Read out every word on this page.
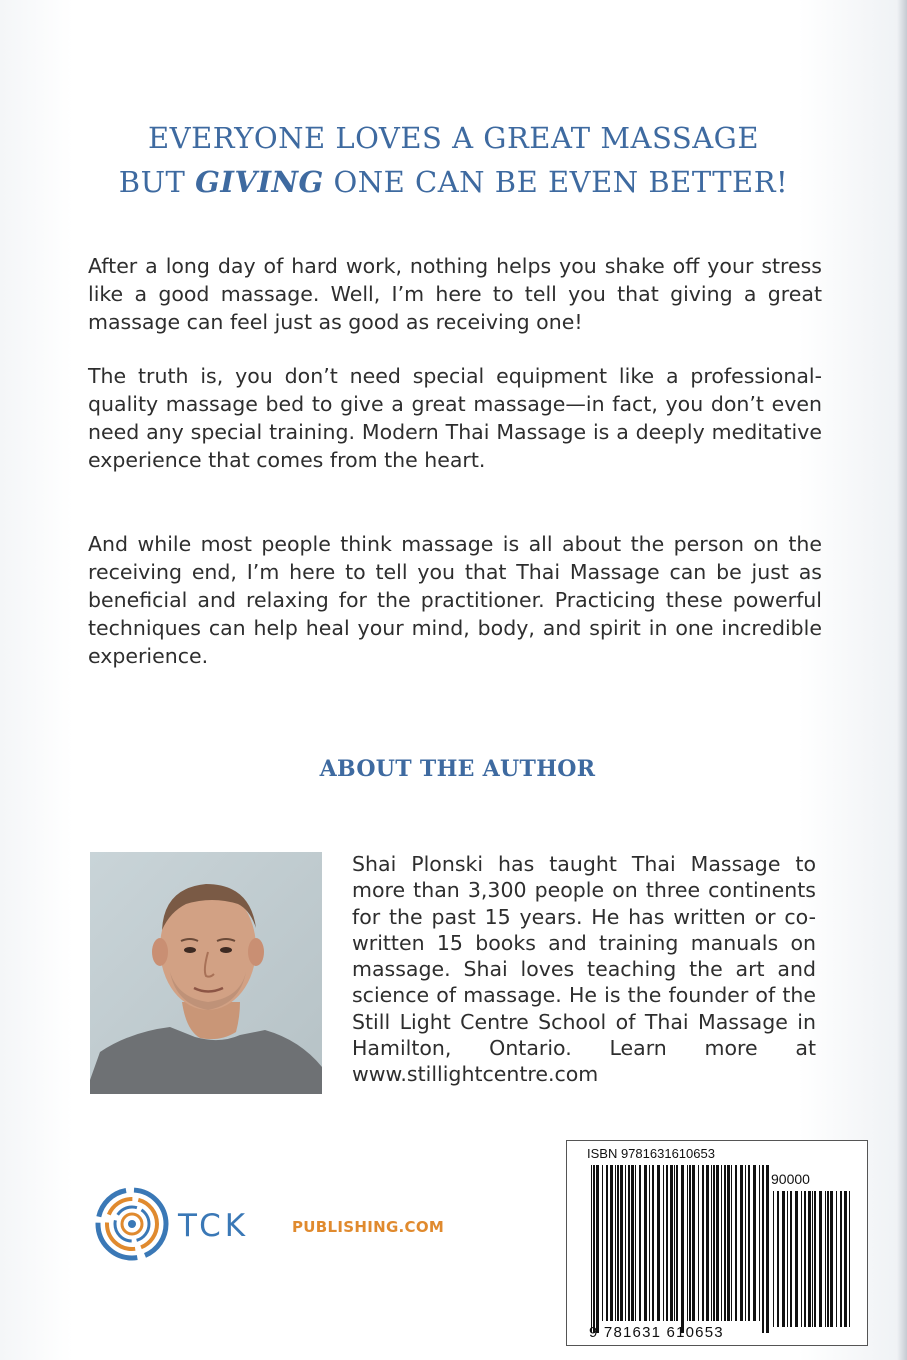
EVERYONE LOVES A GREAT MASSAGE
BUT GIVING ONE CAN BE EVEN BETTER!

After a long day of hard work, nothing helps you shake off your stress like a good massage. Well, I’m here to tell you that giving a great massage can feel just as good as receiving one!

The truth is, you don’t need special equipment like a professional-quality massage bed to give a great massage—in fact, you don’t even need any special training. Modern Thai Massage is a deeply meditative experience that comes from the heart.

And while most people think massage is all about the person on the receiving end, I’m here to tell you that Thai Massage can be just as beneficial and relaxing for the practitioner. Practicing these powerful techniques can help heal your mind, body, and spirit in one incredible experience.

ABOUT THE AUTHOR

Shai Plonski has taught Thai Massage to more than 3,300 people on three continents for the past 15 years. He has written or co-written 15 books and training manuals on massage. Shai loves teaching the art and science of massage. He is the founder of the Still Light Centre School of Thai Massage in Hamilton, Ontario. Learn more at www.stillightcentre.com

TCK	PUBLISHING.COM
ISBN 9781631610653
90000
9 781631 610653
